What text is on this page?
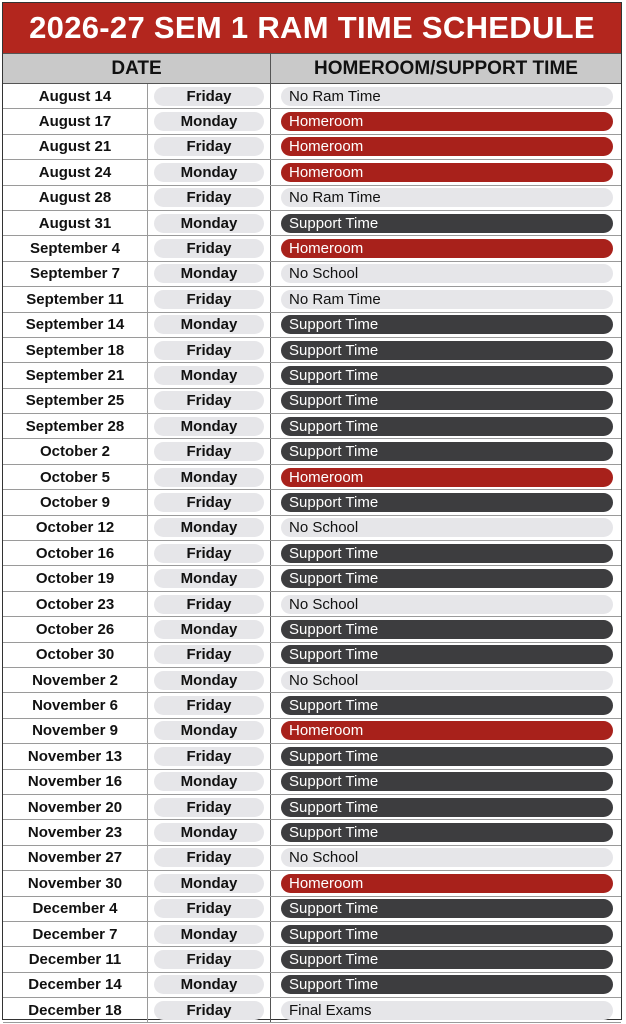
2026-27 SEM 1 RAM TIME SCHEDULE
DATE	HOMEROOM/SUPPORT TIME
August 14	Friday	No Ram Time
August 17	Monday	Homeroom
August 21	Friday	Homeroom
August 24	Monday	Homeroom
August 28	Friday	No Ram Time
August 31	Monday	Support Time
September 4	Friday	Homeroom
September 7	Monday	No School
September 11	Friday	No Ram Time
September 14	Monday	Support Time
September 18	Friday	Support Time
September 21	Monday	Support Time
September 25	Friday	Support Time
September 28	Monday	Support Time
October 2	Friday	Support Time
October 5	Monday	Homeroom
October 9	Friday	Support Time
October 12	Monday	No School
October 16	Friday	Support Time
October 19	Monday	Support Time
October 23	Friday	No School
October 26	Monday	Support Time
October 30	Friday	Support Time
November 2	Monday	No School
November 6	Friday	Support Time
November 9	Monday	Homeroom
November 13	Friday	Support Time
November 16	Monday	Support Time
November 20	Friday	Support Time
November 23	Monday	Support Time
November 27	Friday	No School
November 30	Monday	Homeroom
December 4	Friday	Support Time
December 7	Monday	Support Time
December 11	Friday	Support Time
December 14	Monday	Support Time
December 18	Friday	Final Exams
